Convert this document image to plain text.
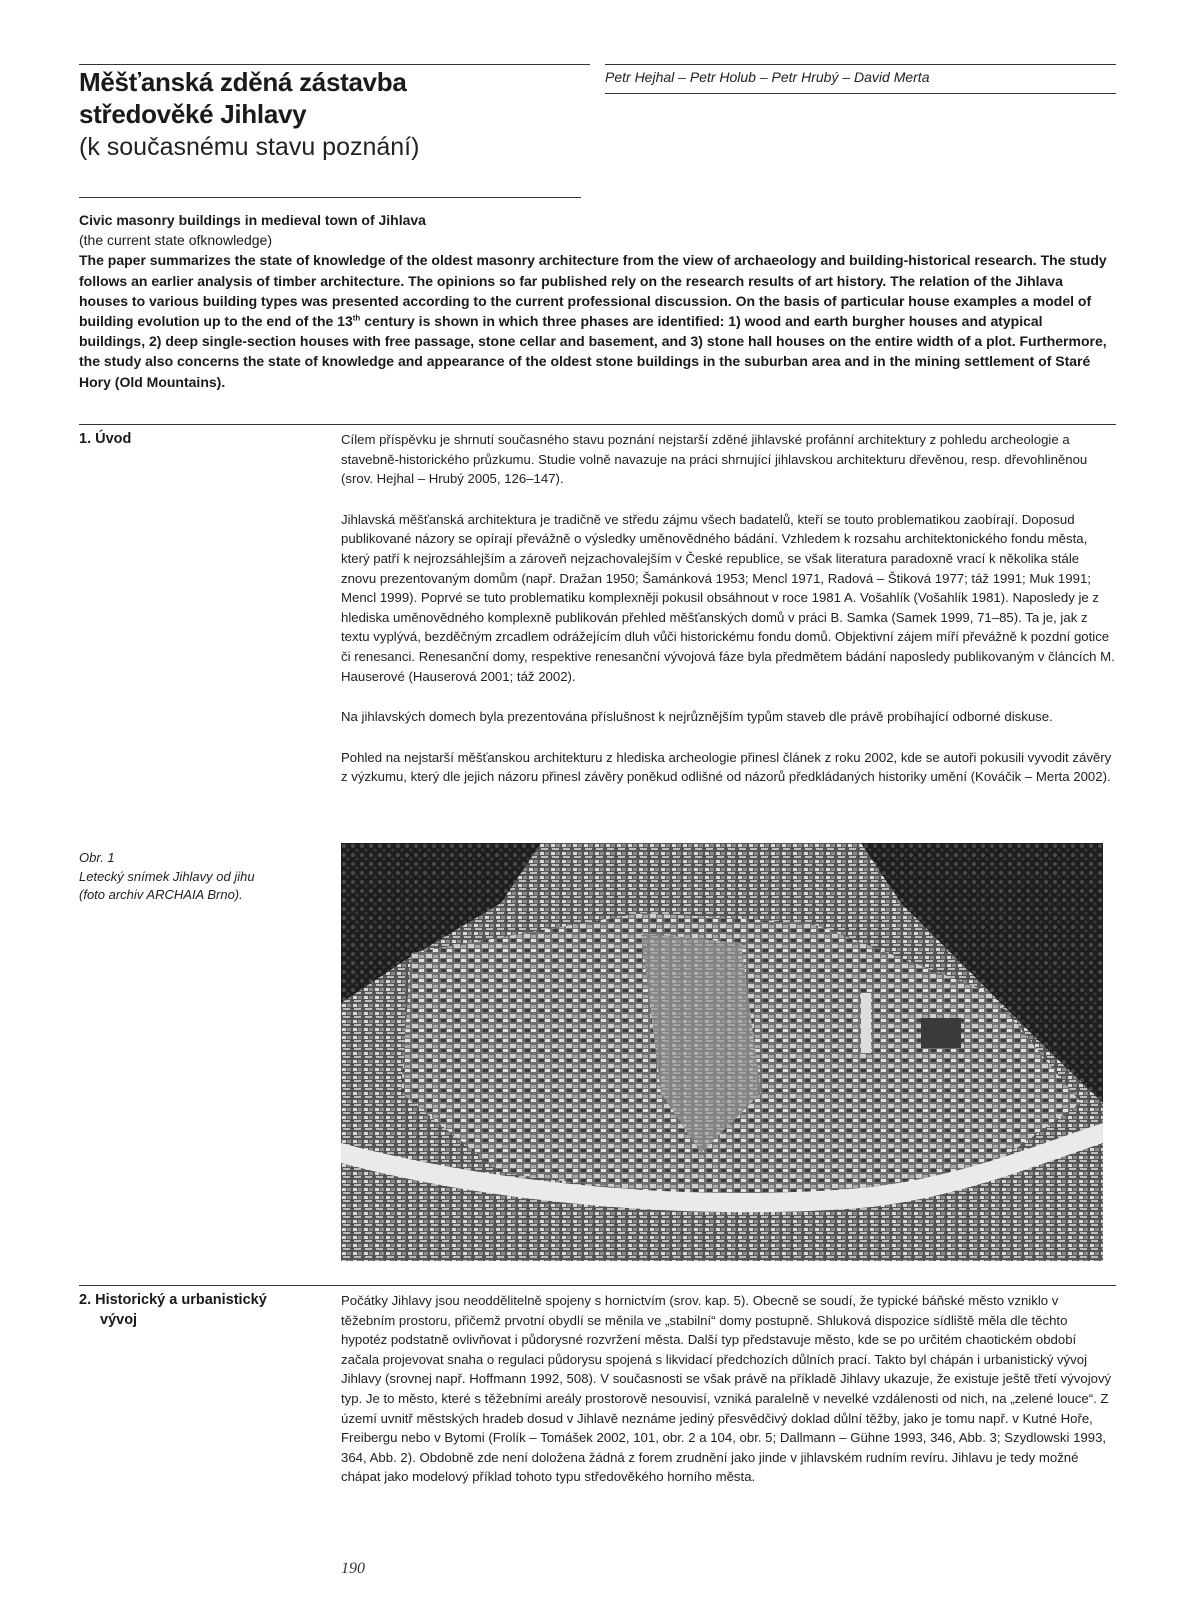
Měšťanská zděná zástavba
středověké Jihlavy
(k současnému stavu poznání)
Petr Hejhal – Petr Holub – Petr Hrubý – David Merta
Civic masonry buildings in medieval town of Jihlava
(the current state ofknowledge)
The paper summarizes the state of knowledge of the oldest masonry architecture from the view of archaeology and building-historical research. The study follows an earlier analysis of timber architecture. The opinions so far published rely on the research results of art history. The relation of the Jihlava houses to various building types was presented according to the current professional discussion. On the basis of particular house examples a model of building evolution up to the end of the 13th century is shown in which three phases are identified: 1) wood and earth burgher houses and atypical buildings, 2) deep single-section houses with free passage, stone cellar and basement, and 3) stone hall houses on the entire width of a plot. Furthermore, the study also concerns the state of knowledge and appearance of the oldest stone buildings in the suburban area and in the mining settlement of Staré Hory (Old Mountains).
1. Úvod	Cílem příspěvku je shrnutí současného stavu poznání nejstarší zděné jihlavské profánní architektury z pohledu archeologie a stavebně-historického průzkumu. Studie volně navazuje na práci shrnující jihlavskou architekturu dřevěnou, resp. dřevohliněnou (srov. Hejhal – Hrubý 2005, 126–147).

Jihlavská měšťanská architektura je tradičně ve středu zájmu všech badatelů, kteří se touto problematikou zaobírají. Doposud publikované názory se opírají převážně o výsledky uměnovědného bádání. Vzhledem k rozsahu architektonického fondu města, který patří k nejrozsáhlejším a zároveň nejzachovalejším v České republice, se však literatura paradoxně vrací k několika stále znovu prezentovaným domům (např. Dražan 1950; Šamánková 1953; Mencl 1971, Radová – Štiková 1977; táž 1991; Muk 1991; Mencl 1999). Poprvé se tuto problematiku komplexněji pokusil obsáhnout v roce 1981 A. Vošahlík (Vošahlík 1981). Naposledy je z hlediska uměnovědného komplexně publikován přehled měšťanských domů v práci B. Samka (Samek 1999, 71–85). Ta je, jak z textu vyplývá, bezděčným zrcadlem odrážejícím dluh vůči historickému fondu domů. Objektivní zájem míří převážně k pozdní gotice či renesanci. Renesanční domy, respektive renesanční vývojová fáze byla předmětem bádání naposledy publikovaným v článcích M. Hauserové (Hauserová 2001; táž 2002).

Na jihlavských domech byla prezentována příslušnost k nejrůznějším typům staveb dle právě probíhající odborné diskuse.

Pohled na nejstarší měšťanskou architekturu z hlediska archeologie přinesl článek z roku 2002, kde se autoři pokusili vyvodit závěry z výzkumu, který dle jejich názoru přinesl závěry poněkud odlišné od názorů předkládaných historiky umění (Kováčik – Merta 2002).

Obr. 1
Letecký snímek Jihlavy od jihu
(foto archiv ARCHAIA Brno).
2. Historický a urbanistický
vývoj

Počátky Jihlavy jsou neoddělitelně spojeny s hornictvím (srov. kap. 5). Obecně se soudí, že typické báňské město vzniklo v těžebním prostoru, přičemž prvotní obydlí se měnila ve „stabilní“ domy postupně. Shluková dispozice sídliště měla dle těchto hypotéz podstatně ovlivňovat i půdorysné rozvržení města. Další typ představuje město, kde se po určitém chaotickém období začala projevovat snaha o regulaci půdorysu spojená s likvidací předchozích důlních prací. Takto byl chápán i urbanistický vývoj Jihlavy (srovnej např. Hoffmann 1992, 508). V současnosti se však právě na příkladě Jihlavy ukazuje, že existuje ještě třetí vývojový typ. Je to město, které s těžebními areály prostorově nesouvisí, vzniká paralelně v nevelké vzdálenosti od nich, na „zelené louce“. Z území uvnitř městských hradeb dosud v Jihlavě neznáme jediný přesvědčivý doklad důlní těžby, jako je tomu např. v Kutné Hoře, Freibergu nebo v Bytomi (Frolík – Tomášek 2002, 101, obr. 2 a 104, obr. 5; Dallmann – Gühne 1993, 346, Abb. 3; Szydlowski 1993, 364, Abb. 2). Obdobně zde není doložena žádná z forem zrudnění jako jinde v jihlavském rudním revíru. Jihlavu je tedy možné chápat jako modelový příklad tohoto typu středověkého horního města.

190
